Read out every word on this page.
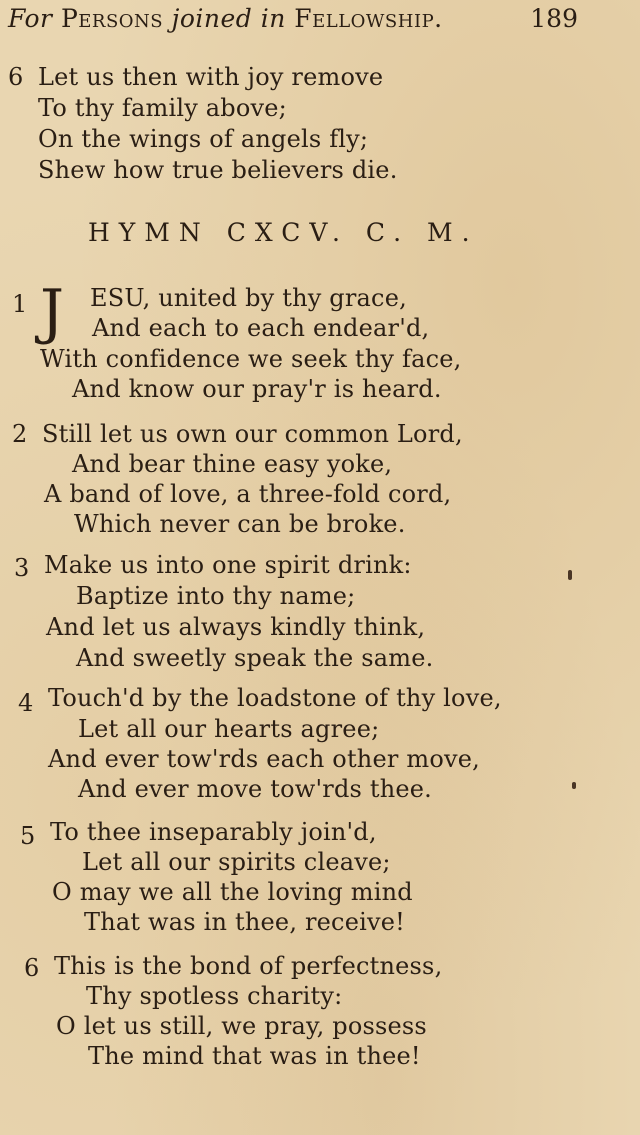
For Persons joined in Fellowship.	189
6 Let us then with joy remove
To thy family above;
On the wings of angels fly;
Shew how true believers die.
HYMN CXCV. C. M.
1 J ESU, united by thy grace,
And each to each endear'd,
With confidence we seek thy face,
And know our pray'r is heard.
2 Still let us own our common Lord,
And bear thine easy yoke,
A band of love, a three-fold cord,
Which never can be broke.
3 Make us into one spirit drink:
Baptize into thy name;
And let us always kindly think,
And sweetly speak the same.
4 Touch'd by the loadstone of thy love,
Let all our hearts agree;
And ever tow'rds each other move,
And ever move tow'rds thee.
5 To thee inseparably join'd,
Let all our spirits cleave;
O may we all the loving mind
That was in thee, receive!
6 This is the bond of perfectness,
Thy spotless charity:
O let us still, we pray, possess
The mind that was in thee!
